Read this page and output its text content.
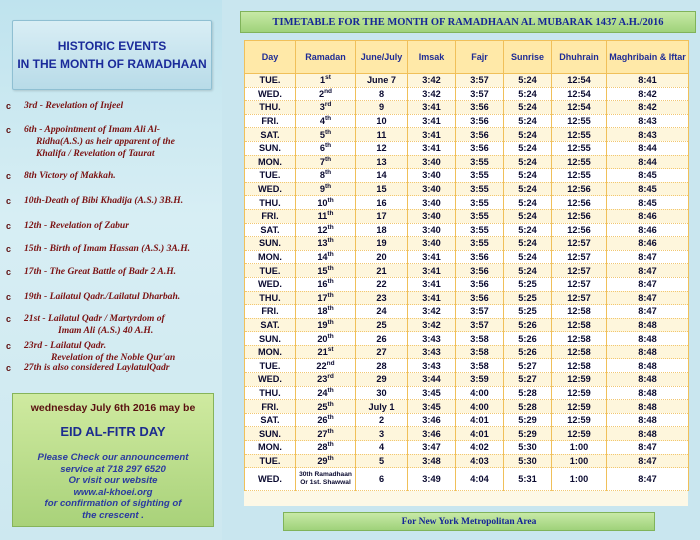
HISTORIC EVENTS
IN THE MONTH OF RAMADHAAN
c	3rd - Revelation of Injeel
c	6th - Appointment of Imam Ali Al-
Ridha(A.S.) as heir apparent of the
Khalifa / Revelation of Taurat
c	8th Victory of Makkah.
c	10th-Death of Bibi Khadija (A.S.) 3B.H.
c	12th - Revelation of Zabur
c	15th - Birth of Imam Hassan (A.S.) 3A.H.
c	17th - The Great Battle of Badr 2 A.H.
c	19th - Lailatul Qadr./Lailatul Dharbah.
c	21st - Lailatul Qadr / Martyrdom of
Imam Ali (A.S.) 40 A.H.
c	23rd - Lailatul Qadr.
Revelation of the Noble Qur'an
c	27th is also considered LaylatulQadr
wednesday July 6th 2016 may be
EID AL-FITR DAY
Please Check our announcement
service at 718 297 6520
Or visit our website
www.al-khoei.org
for confirmation of sighting of
the crescent .
TIMETABLE FOR THE MONTH OF RAMADHAAN AL MUBARAK 1437 A.H./2016
Day	Ramadan	June/July	Imsak	Fajr	Sunrise	Dhuhrain	Maghribain & Iftar
TUE.	1st	June 7	3:42	3:57	5:24	12:54	8:41
WED.	2nd	8	3:42	3:57	5:24	12:54	8:42
THU.	3rd	9	3:41	3:56	5:24	12:54	8:42
FRI.	4th	10	3:41	3:56	5:24	12:55	8:43
SAT.	5th	11	3:41	3:56	5:24	12:55	8:43
SUN.	6th	12	3:41	3:56	5:24	12:55	8:44
MON.	7th	13	3:40	3:55	5:24	12:55	8:44
TUE.	8th	14	3:40	3:55	5:24	12:55	8:45
WED.	9th	15	3:40	3:55	5:24	12:56	8:45
THU.	10th	16	3:40	3:55	5:24	12:56	8:45
FRI.	11th	17	3:40	3:55	5:24	12:56	8:46
SAT.	12th	18	3:40	3:55	5:24	12:56	8:46
SUN.	13th	19	3:40	3:55	5:24	12:57	8:46
MON.	14th	20	3:41	3:56	5:24	12:57	8:47
TUE.	15th	21	3:41	3:56	5:24	12:57	8:47
WED.	16th	22	3:41	3:56	5:25	12:57	8:47
THU.	17th	23	3:41	3:56	5:25	12:57	8:47
FRI.	18th	24	3:42	3:57	5:25	12:58	8:47
SAT.	19th	25	3:42	3:57	5:26	12:58	8:48
SUN.	20th	26	3:43	3:58	5:26	12:58	8:48
MON.	21st	27	3:43	3:58	5:26	12:58	8:48
TUE.	22nd	28	3:43	3:58	5:27	12:58	8:48
WED.	23rd	29	3:44	3:59	5:27	12:59	8:48
THU.	24th	30	3:45	4:00	5:28	12:59	8:48
FRI.	25th	July 1	3:45	4:00	5:28	12:59	8:48
SAT.	26th	2	3:46	4:01	5:29	12:59	8:48
SUN.	27th	3	3:46	4:01	5:29	12:59	8:48
MON.	28th	4	3:47	4:02	5:30	1:00	8:47
TUE.	29th	5	3:48	4:03	5:30	1:00	8:47
WED.	30th Ramadhaan
Or 1st. Shawwal	6	3:49	4:04	5:31	1:00	8:47
For New York Metropolitan Area
